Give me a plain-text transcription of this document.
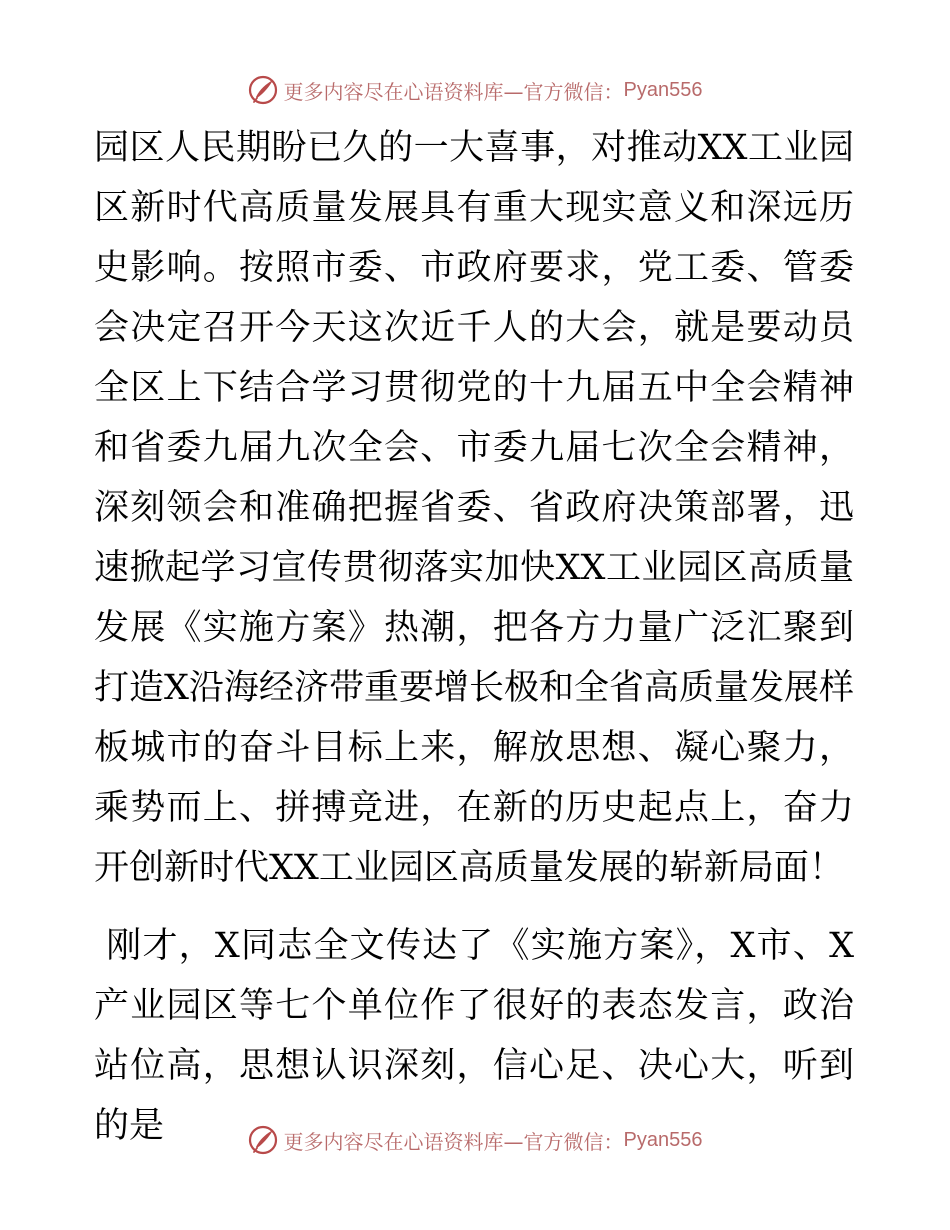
更多内容尽在心语资料库—官方微信： Pyan556

园区人民期盼已久的一大喜事，对推动XX工业园区新时代高质量发展具有重大现实意义和深远历史影响。按照市委、市政府要求，党工委、管委会决定召开今天这次近千人的大会，就是要动员全区上下结合学习贯彻党的十九届五中全会精神和省委九届九次全会、市委九届七次全会精神，深刻领会和准确把握省委、省政府决策部署，迅速掀起学习宣传贯彻落实加快XX工业园区高质量发展《实施方案》热潮，把各方力量广泛汇聚到打造X沿海经济带重要增长极和全省高质量发展样板城市的奋斗目标上来，解放思想、凝心聚力，乘势而上、拼搏竞进，在新的历史起点上，奋力开创新时代XX工业园区高质量发展的崭新局面！

刚才，X同志全文传达了《实施方案》，X市、X产业园区等七个单位作了很好的表态发言，政治站位高，思想认识深刻，信心足、决心大，听到的是	更多内容尽在心语资料库—官方微信： Pyan556
